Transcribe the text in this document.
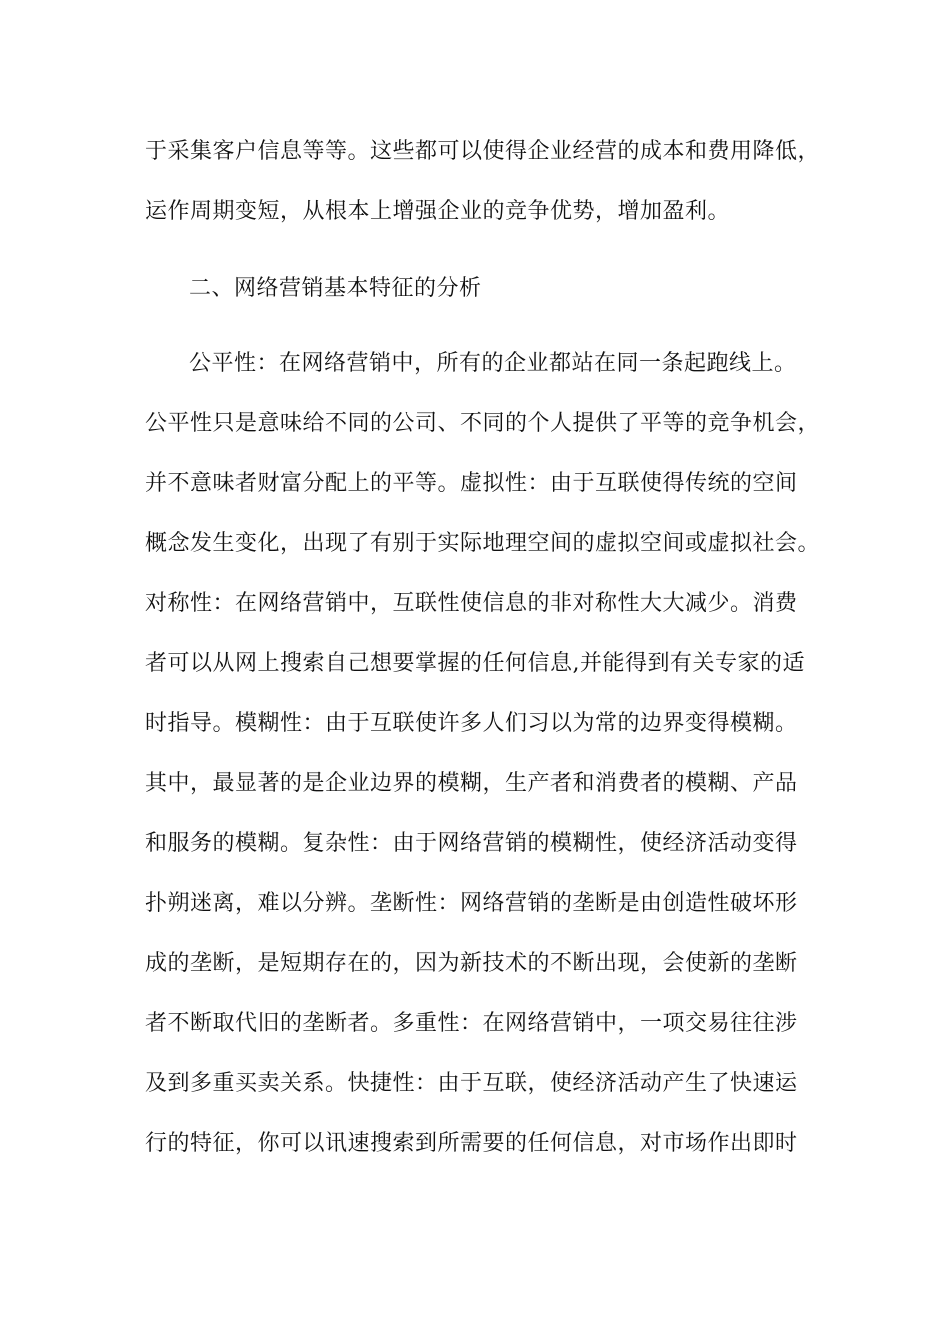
于采集客户信息等等。这些都可以使得企业经营的成本和费用降低，
运作周期变短，从根本上增强企业的竞争优势，增加盈利。
二、网络营销基本特征的分析
公平性：在网络营销中，所有的企业都站在同一条起跑线上。
公平性只是意味给不同的公司、不同的个人提供了平等的竞争机会，
并不意味者财富分配上的平等。虚拟性：由于互联使得传统的空间
概念发生变化，出现了有别于实际地理空间的虚拟空间或虚拟社会。
对称性：在网络营销中，互联性使信息的非对称性大大减少。消费
者可以从网上搜索自己想要掌握的任何信息,并能得到有关专家的适
时指导。模糊性：由于互联使许多人们习以为常的边界变得模糊。
其中，最显著的是企业边界的模糊，生产者和消费者的模糊、产品
和服务的模糊。复杂性：由于网络营销的模糊性，使经济活动变得
扑朔迷离，难以分辨。垄断性：网络营销的垄断是由创造性破坏形
成的垄断，是短期存在的，因为新技术的不断出现，会使新的垄断
者不断取代旧的垄断者。多重性：在网络营销中，一项交易往往涉
及到多重买卖关系。快捷性：由于互联，使经济活动产生了快速运
行的特征，你可以讯速搜索到所需要的任何信息，对市场作出即时
